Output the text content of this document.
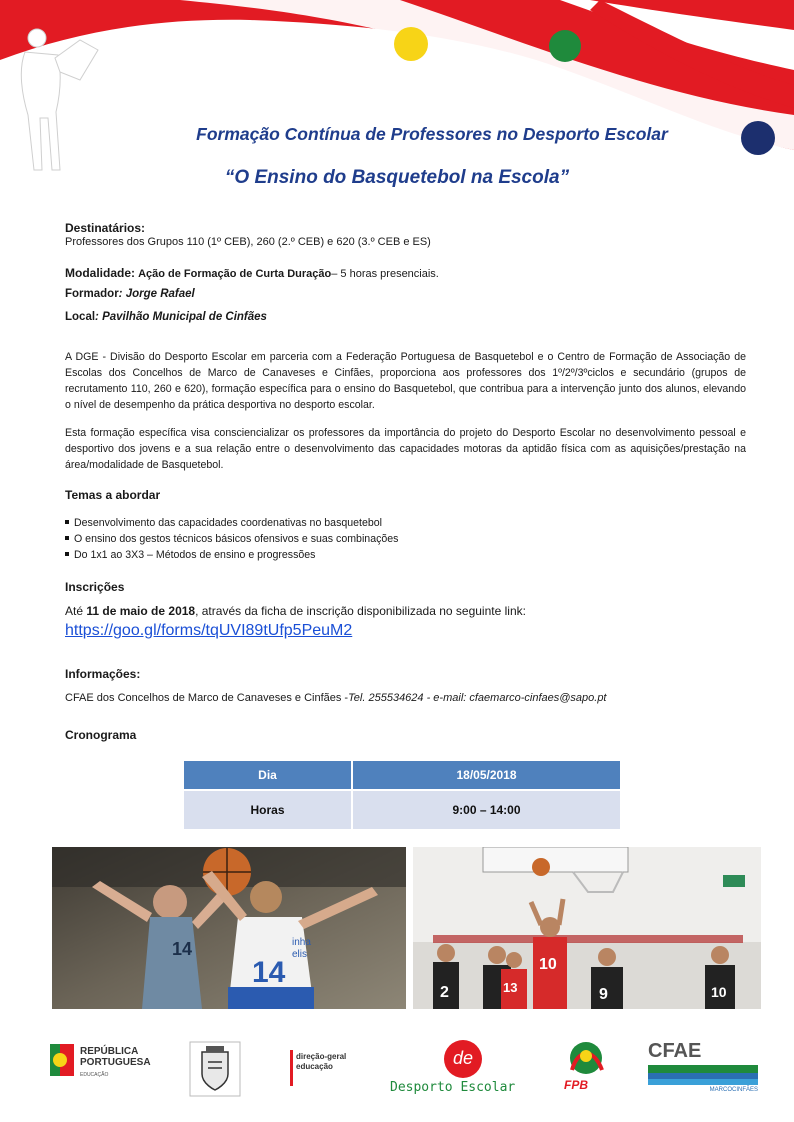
Formação Contínua de Professores no Desporto Escolar
“O Ensino do Basquetebol na Escola”
Destinatários:
Professores dos Grupos 110 (1º CEB), 260 (2.º CEB) e 620 (3.º CEB e ES)
Modalidade: Ação de Formação de Curta Duração– 5 horas presenciais.
Formador: Jorge Rafael
Local: Pavilhão Municipal de Cinfães
A DGE - Divisão do Desporto Escolar em parceria com a Federação Portuguesa de Basquetebol e o Centro de Formação de Associação de Escolas dos Concelhos de Marco de Canaveses e Cinfães, proporciona aos professores dos 1º/2º/3ºciclos e secundário (grupos de recrutamento 110, 260 e 620), formação específica para o ensino do Basquetebol, que contribua para a intervenção junto dos alunos, elevando o nível de desempenho da prática desportiva no desporto escolar.
Esta formação específica visa consciencializar os professores da importância do projeto do Desporto Escolar no desenvolvimento pessoal e desportivo dos jovens e a sua relação entre o desenvolvimento das capacidades motoras da aptidão física com as aquisições/prestação na área/modalidade de Basquetebol.
Temas a abordar
Desenvolvimento das capacidades coordenativas no basquetebol
O ensino dos gestos técnicos básicos ofensivos e suas combinações
Do 1x1 ao 3X3 – Métodos de ensino e progressões
Inscrições
Até 11 de maio de 2018, através da ficha de inscrição disponibilizada no seguinte link:
https://goo.gl/forms/tqUVI89tUfp5PeuM2
Informações:
CFAE dos Concelhos de Marco de Canaveses e Cinfães -Tel. 255534624 - e-mail: cfaemarco-cinfaes@sapo.pt
Cronograma
Dia	18/05/2018
Horas	9:00 – 14:00
14
14
inha
elis
10
13
2	9	10
REPÚBLICA
PORTUGUESA
EDUCAÇÃO
direção-geral
educação	de
Desporto Escolar	FPB
CFAE
MARCOCINFÃES
